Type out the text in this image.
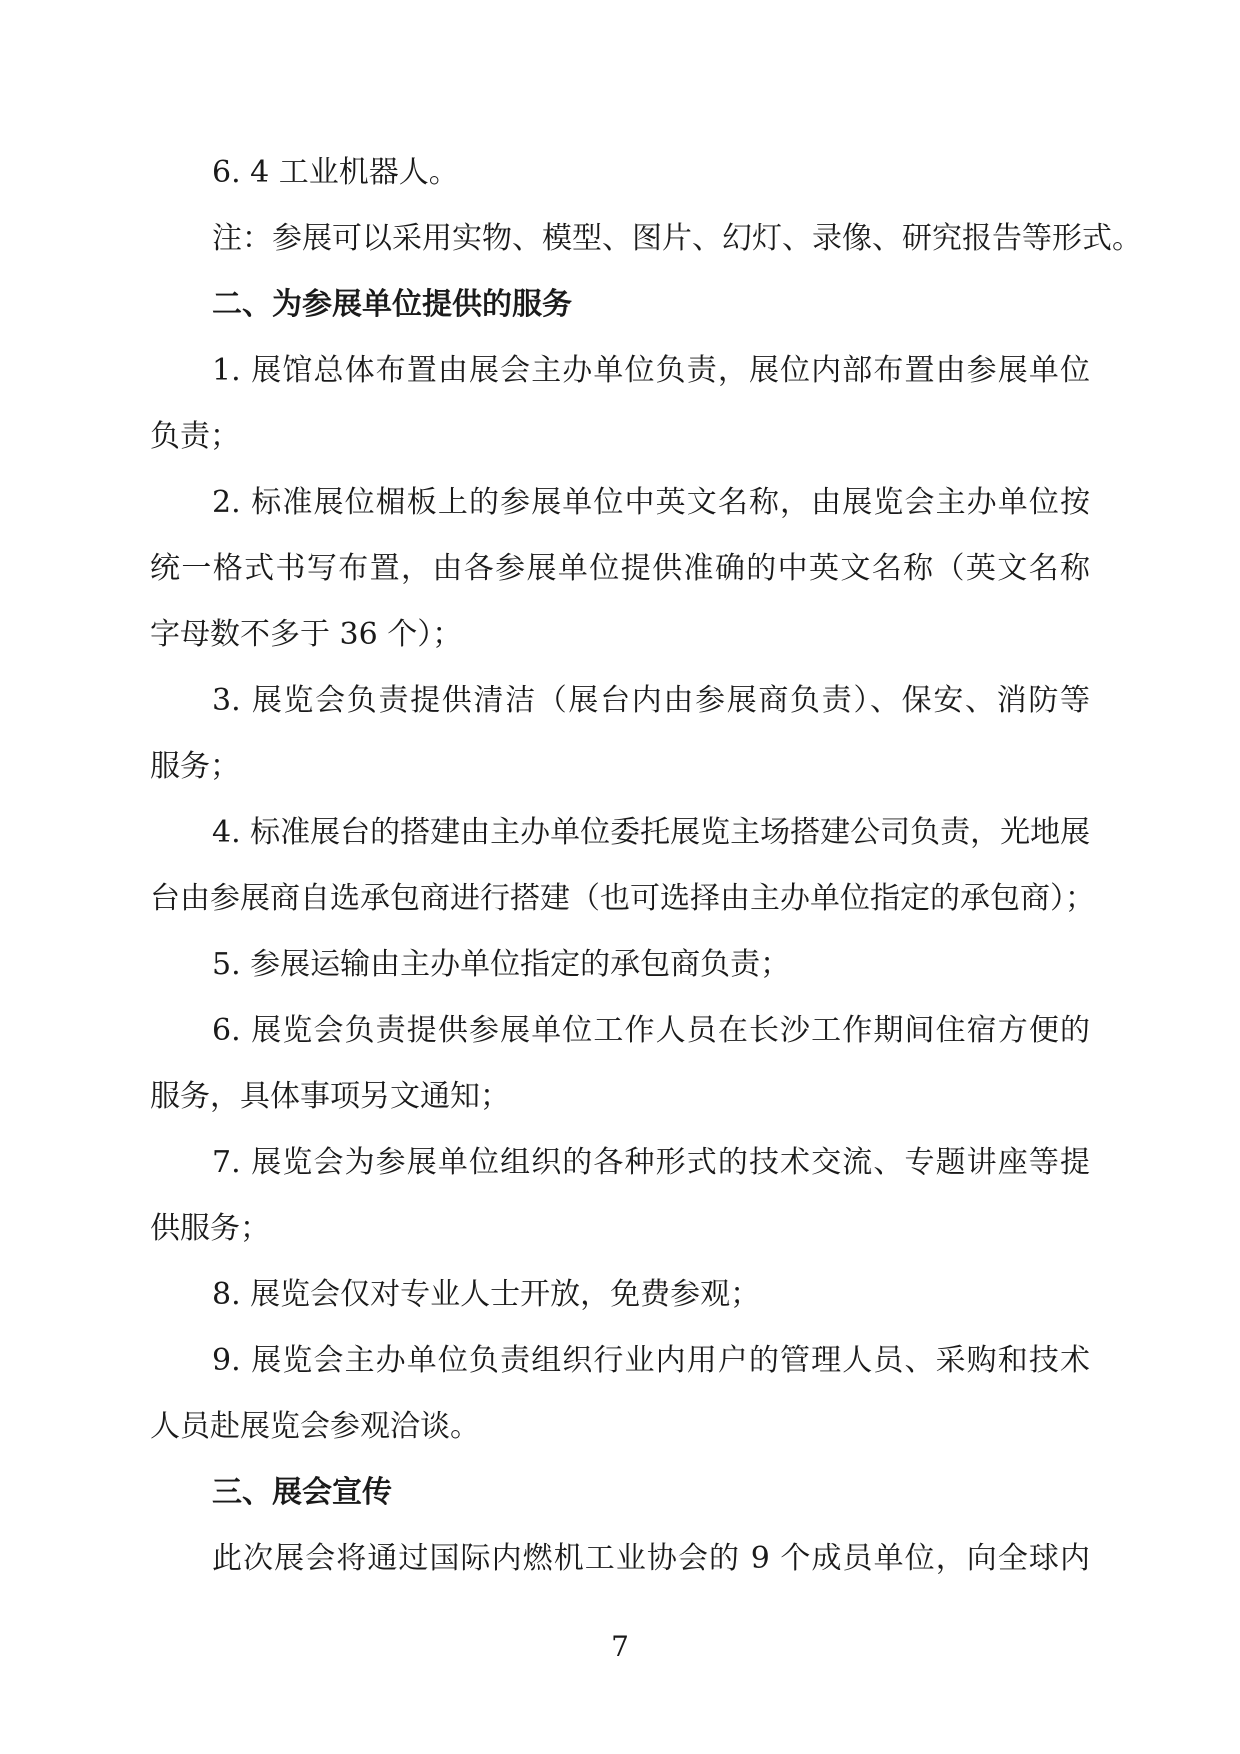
6. 4 工业机器人。
注：参展可以采用实物、模型、图片、幻灯、录像、研究报告等形式。
二、为参展单位提供的服务
1. 展馆总体布置由展会主办单位负责，展位内部布置由参展单位
负责；
2. 标准展位楣板上的参展单位中英文名称，由展览会主办单位按
统一格式书写布置，由各参展单位提供准确的中英文名称（英文名称
字母数不多于 36 个）；
3. 展览会负责提供清洁（展台内由参展商负责）、保安、消防等
服务；
4. 标准展台的搭建由主办单位委托展览主场搭建公司负责，光地展
台由参展商自选承包商进行搭建（也可选择由主办单位指定的承包商）；
5. 参展运输由主办单位指定的承包商负责；
6. 展览会负责提供参展单位工作人员在长沙工作期间住宿方便的
服务，具体事项另文通知；
7. 展览会为参展单位组织的各种形式的技术交流、专题讲座等提
供服务；
8. 展览会仅对专业人士开放，免费参观；
9. 展览会主办单位负责组织行业内用户的管理人员、采购和技术
人员赴展览会参观洽谈。
三、展会宣传
此次展会将通过国际内燃机工业协会的 9 个成员单位，向全球内
7
